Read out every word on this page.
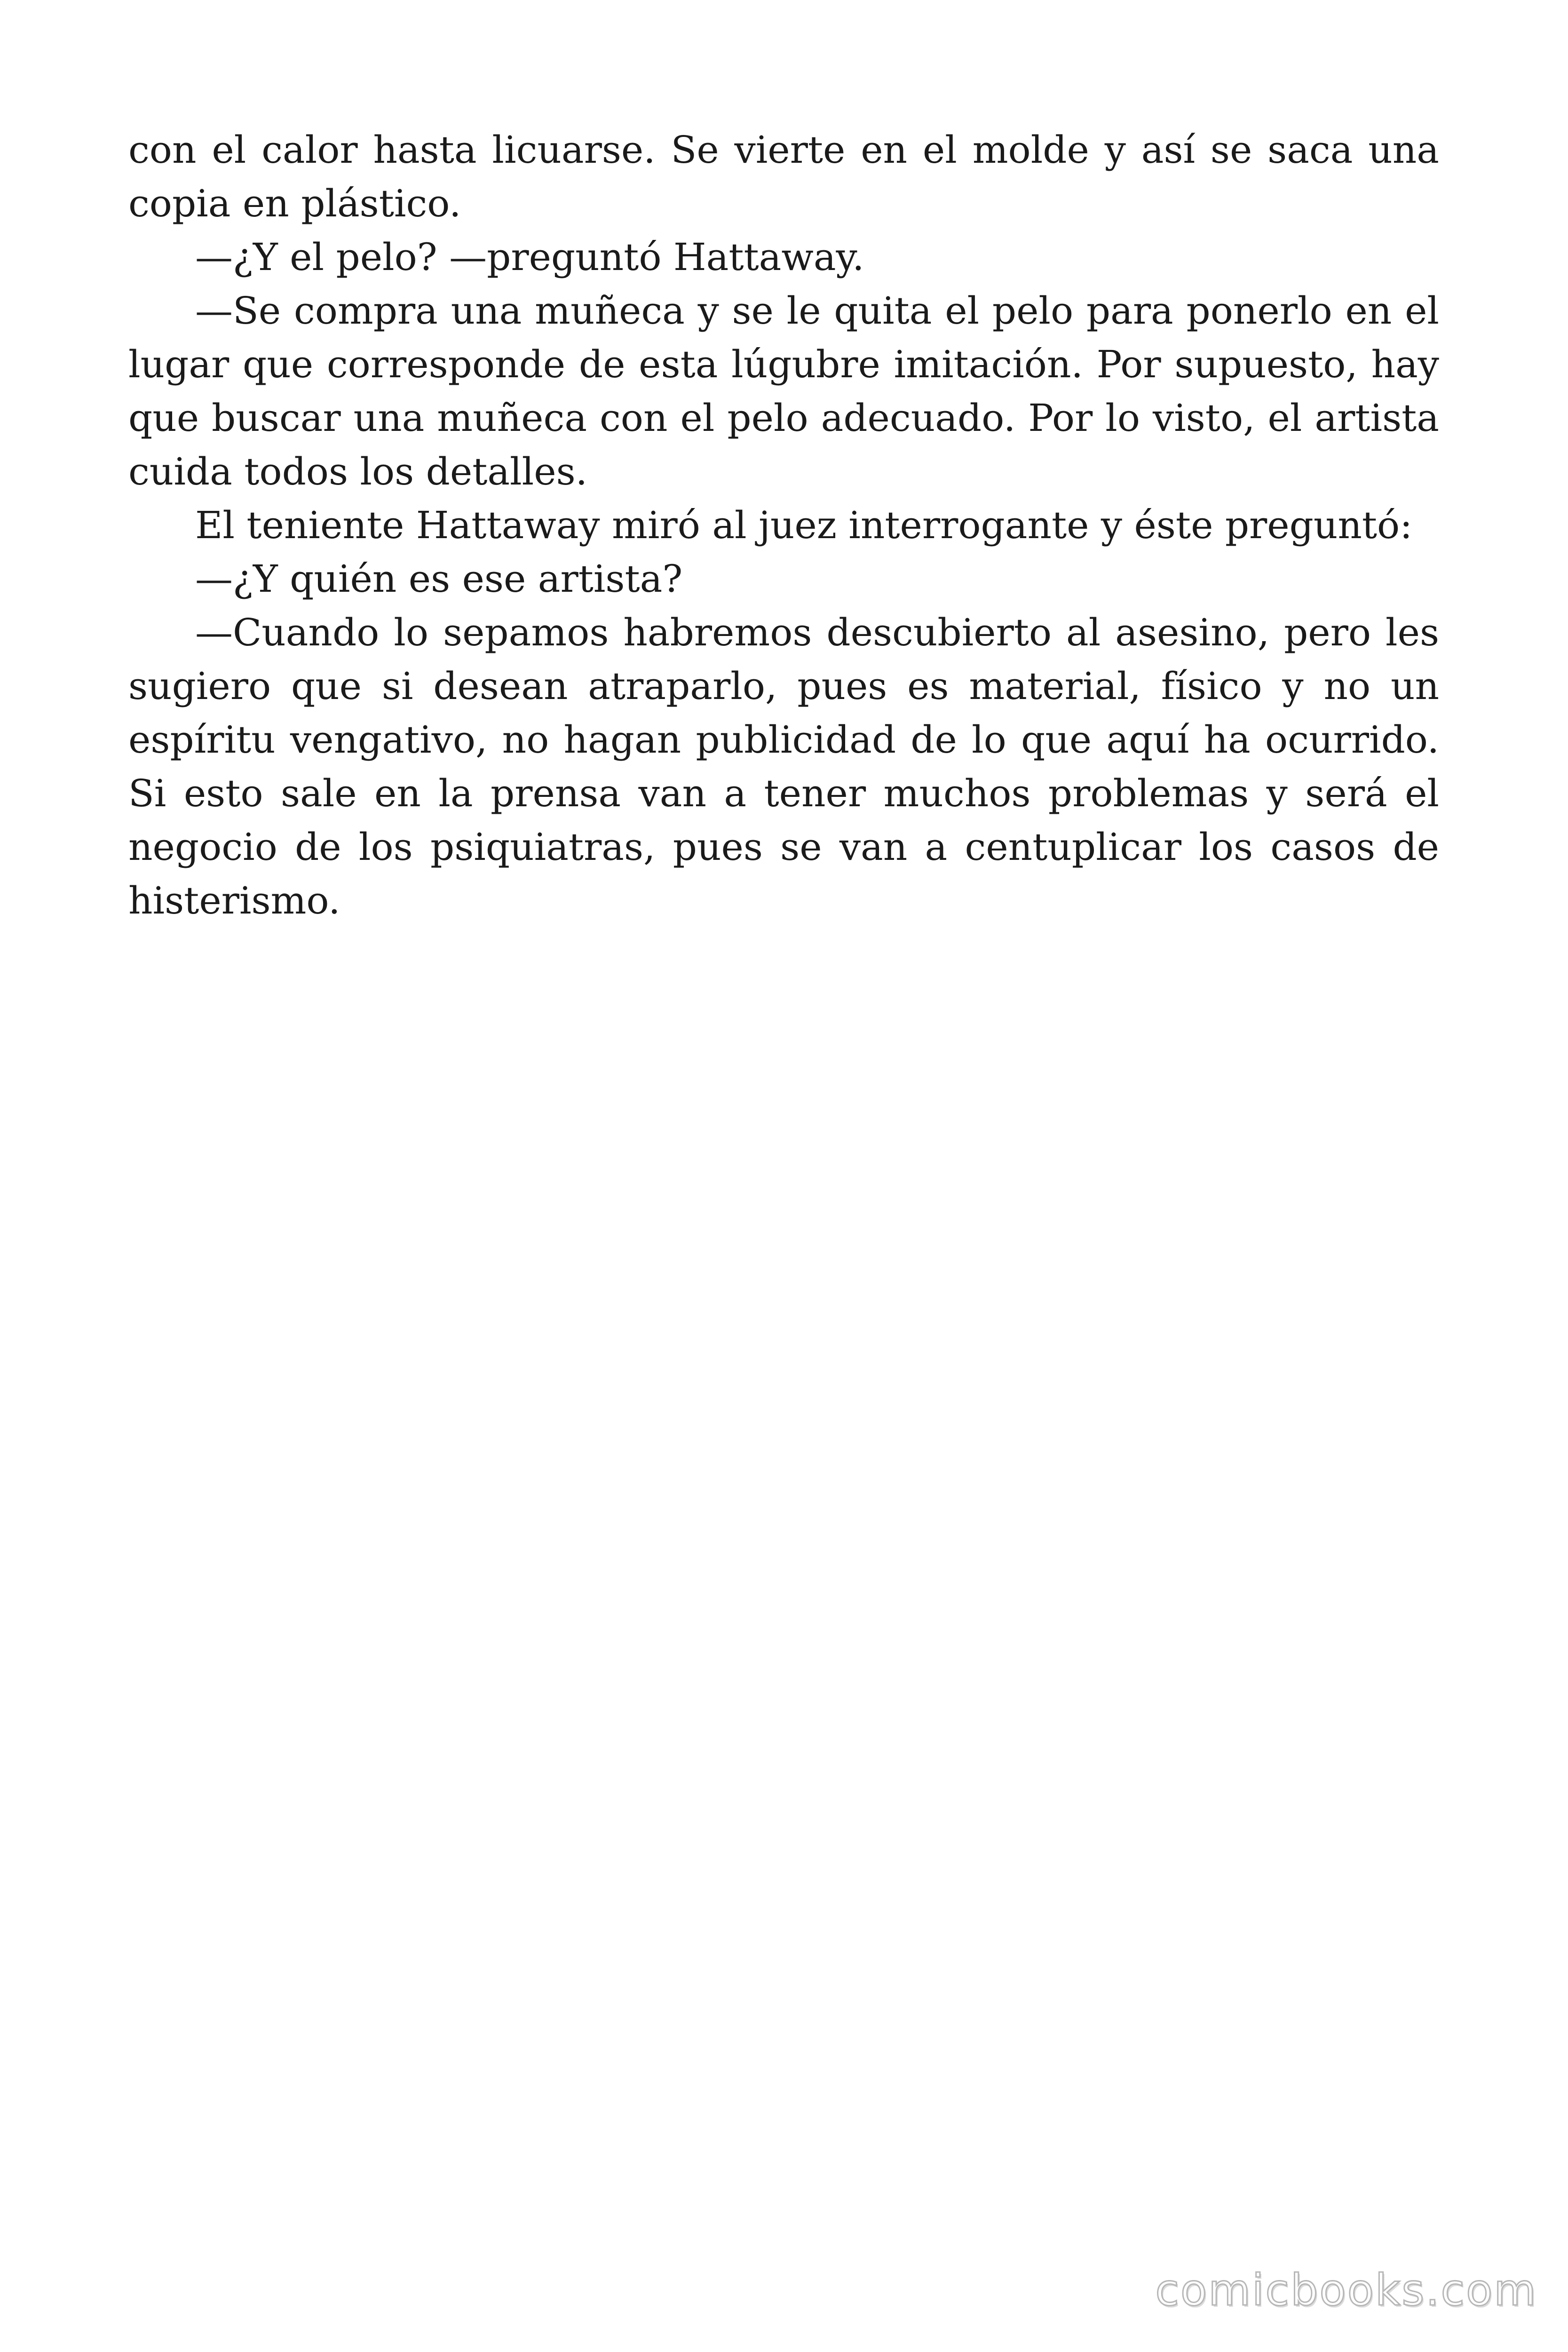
con el calor hasta licuarse. Se vierte en el molde y así se saca una copia en plástico.

—¿Y el pelo? —preguntó Hattaway.

—Se compra una muñeca y se le quita el pelo para ponerlo en el lugar que corresponde de esta lúgubre imitación. Por supuesto, hay que buscar una muñeca con el pelo adecuado. Por lo visto, el artista cuida todos los detalles.

El teniente Hattaway miró al juez interrogante y éste preguntó:

—¿Y quién es ese artista?

—Cuando lo sepamos habremos descubierto al asesino, pero les sugiero que si desean atraparlo, pues es material, físico y no un espíritu vengativo, no hagan publicidad de lo que aquí ha ocurrido. Si esto sale en la prensa van a tener muchos problemas y será el negocio de los psiquiatras, pues se van a centuplicar los casos de histerismo.

comicbooks.com
